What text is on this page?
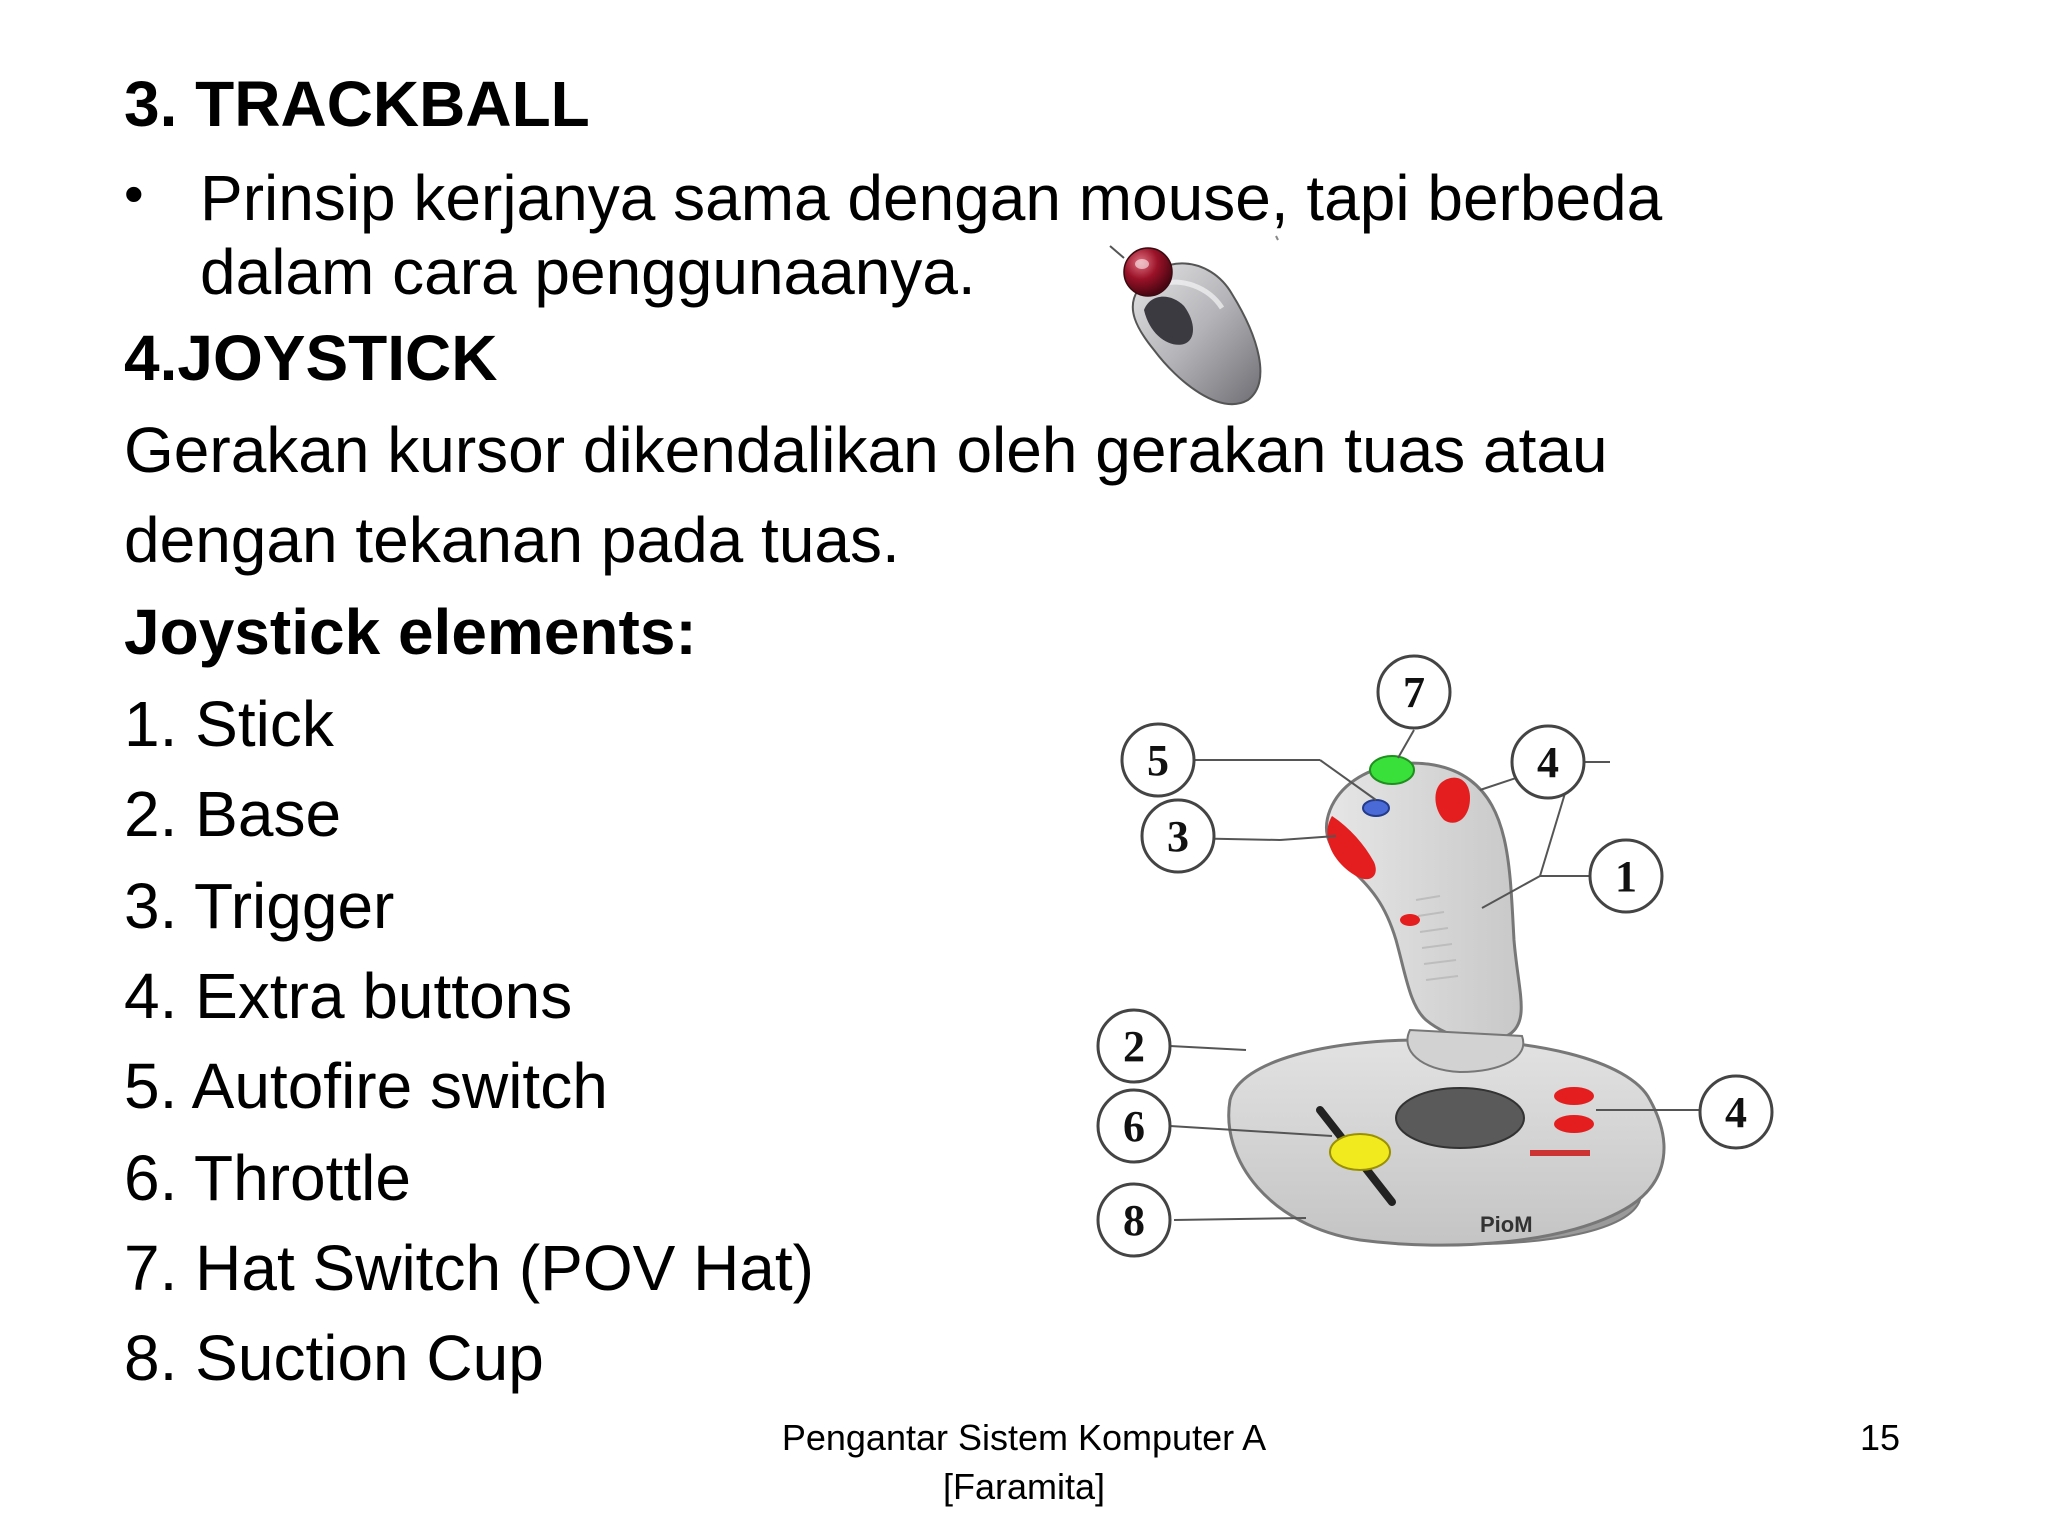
3. TRACKBALL
• Prinsip kerjanya sama dengan mouse, tapi berbeda
dalam cara penggunaanya.
4.JOYSTICK
Gerakan kursor dikendalikan oleh gerakan tuas atau
dengan tekanan pada tuas.
Joystick elements:
1. Stick
2. Base
3. Trigger
4. Extra buttons
5. Autofire switch
6. Throttle
7. Hat Switch (POV Hat)
8. Suction Cup
PioM
7
5	4
3
1
2
6	4
8
Pengantar Sistem Komputer A
[Faramita]
15
